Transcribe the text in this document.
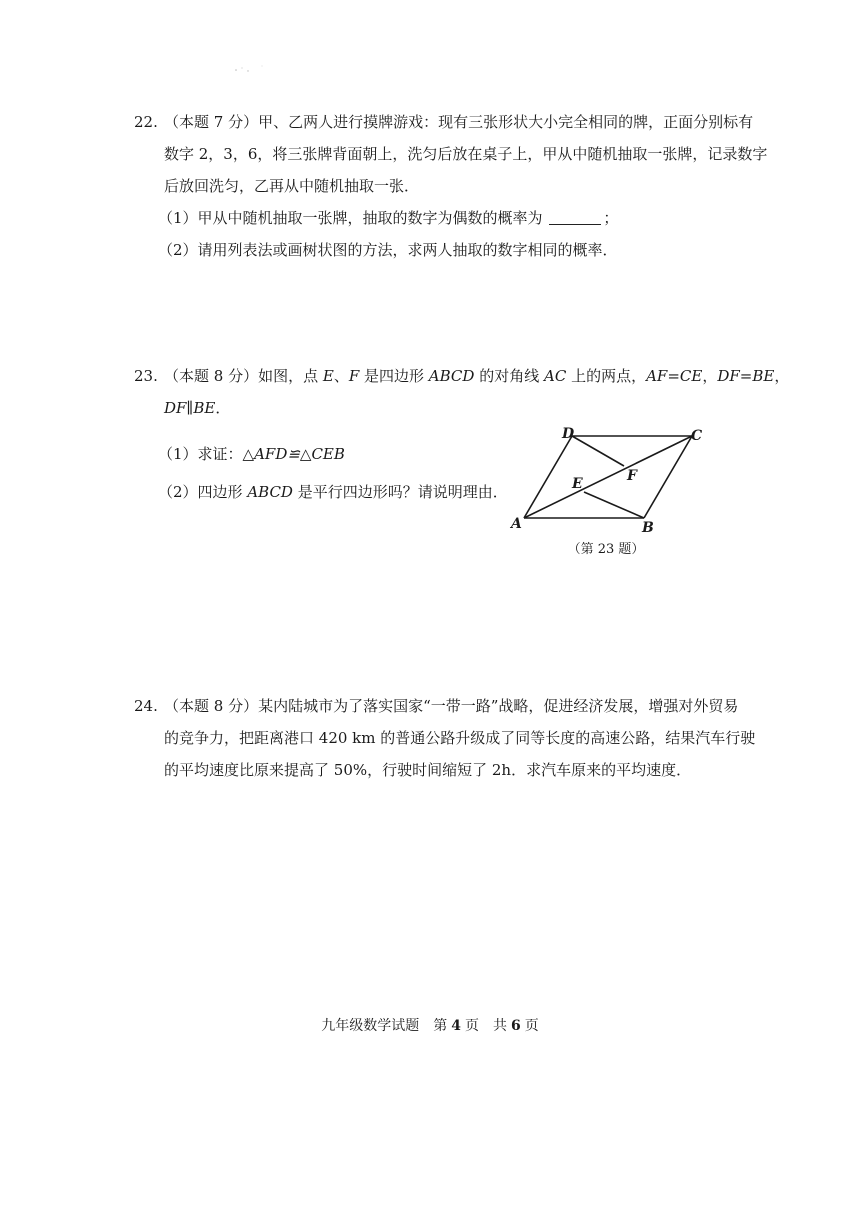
22. （本题 7 分）甲、乙两人进行摸牌游戏：现有三张形状大小完全相同的牌，正面分别标有
数字 2，3，6，将三张牌背面朝上，洗匀后放在桌子上，甲从中随机抽取一张牌，记录数字
后放回洗匀，乙再从中随机抽取一张．
（1）甲从中随机抽取一张牌，抽取的数字为偶数的概率为	；
（2）请用列表法或画树状图的方法，求两人抽取的数字相同的概率．
23. （本题 8 分）如图，点 E、F 是四边形 ABCD 的对角线 AC 上的两点，AF=CE，DF=BE，
DF∥BE．
（1）求证：△AFD≌△CEB
（2）四边形 ABCD 是平行四边形吗？请说明理由．
A	B
C
D
E	F
（第 23 题）
24. （本题 8 分）某内陆城市为了落实国家“一带一路”战略，促进经济发展，增强对外贸易
的竞争力，把距离港口 420 km 的普通公路升级成了同等长度的高速公路，结果汽车行驶
的平均速度比原来提高了 50%，行驶时间缩短了 2h．求汽车原来的平均速度．
九年级数学试题　第 4 页　共 6 页
